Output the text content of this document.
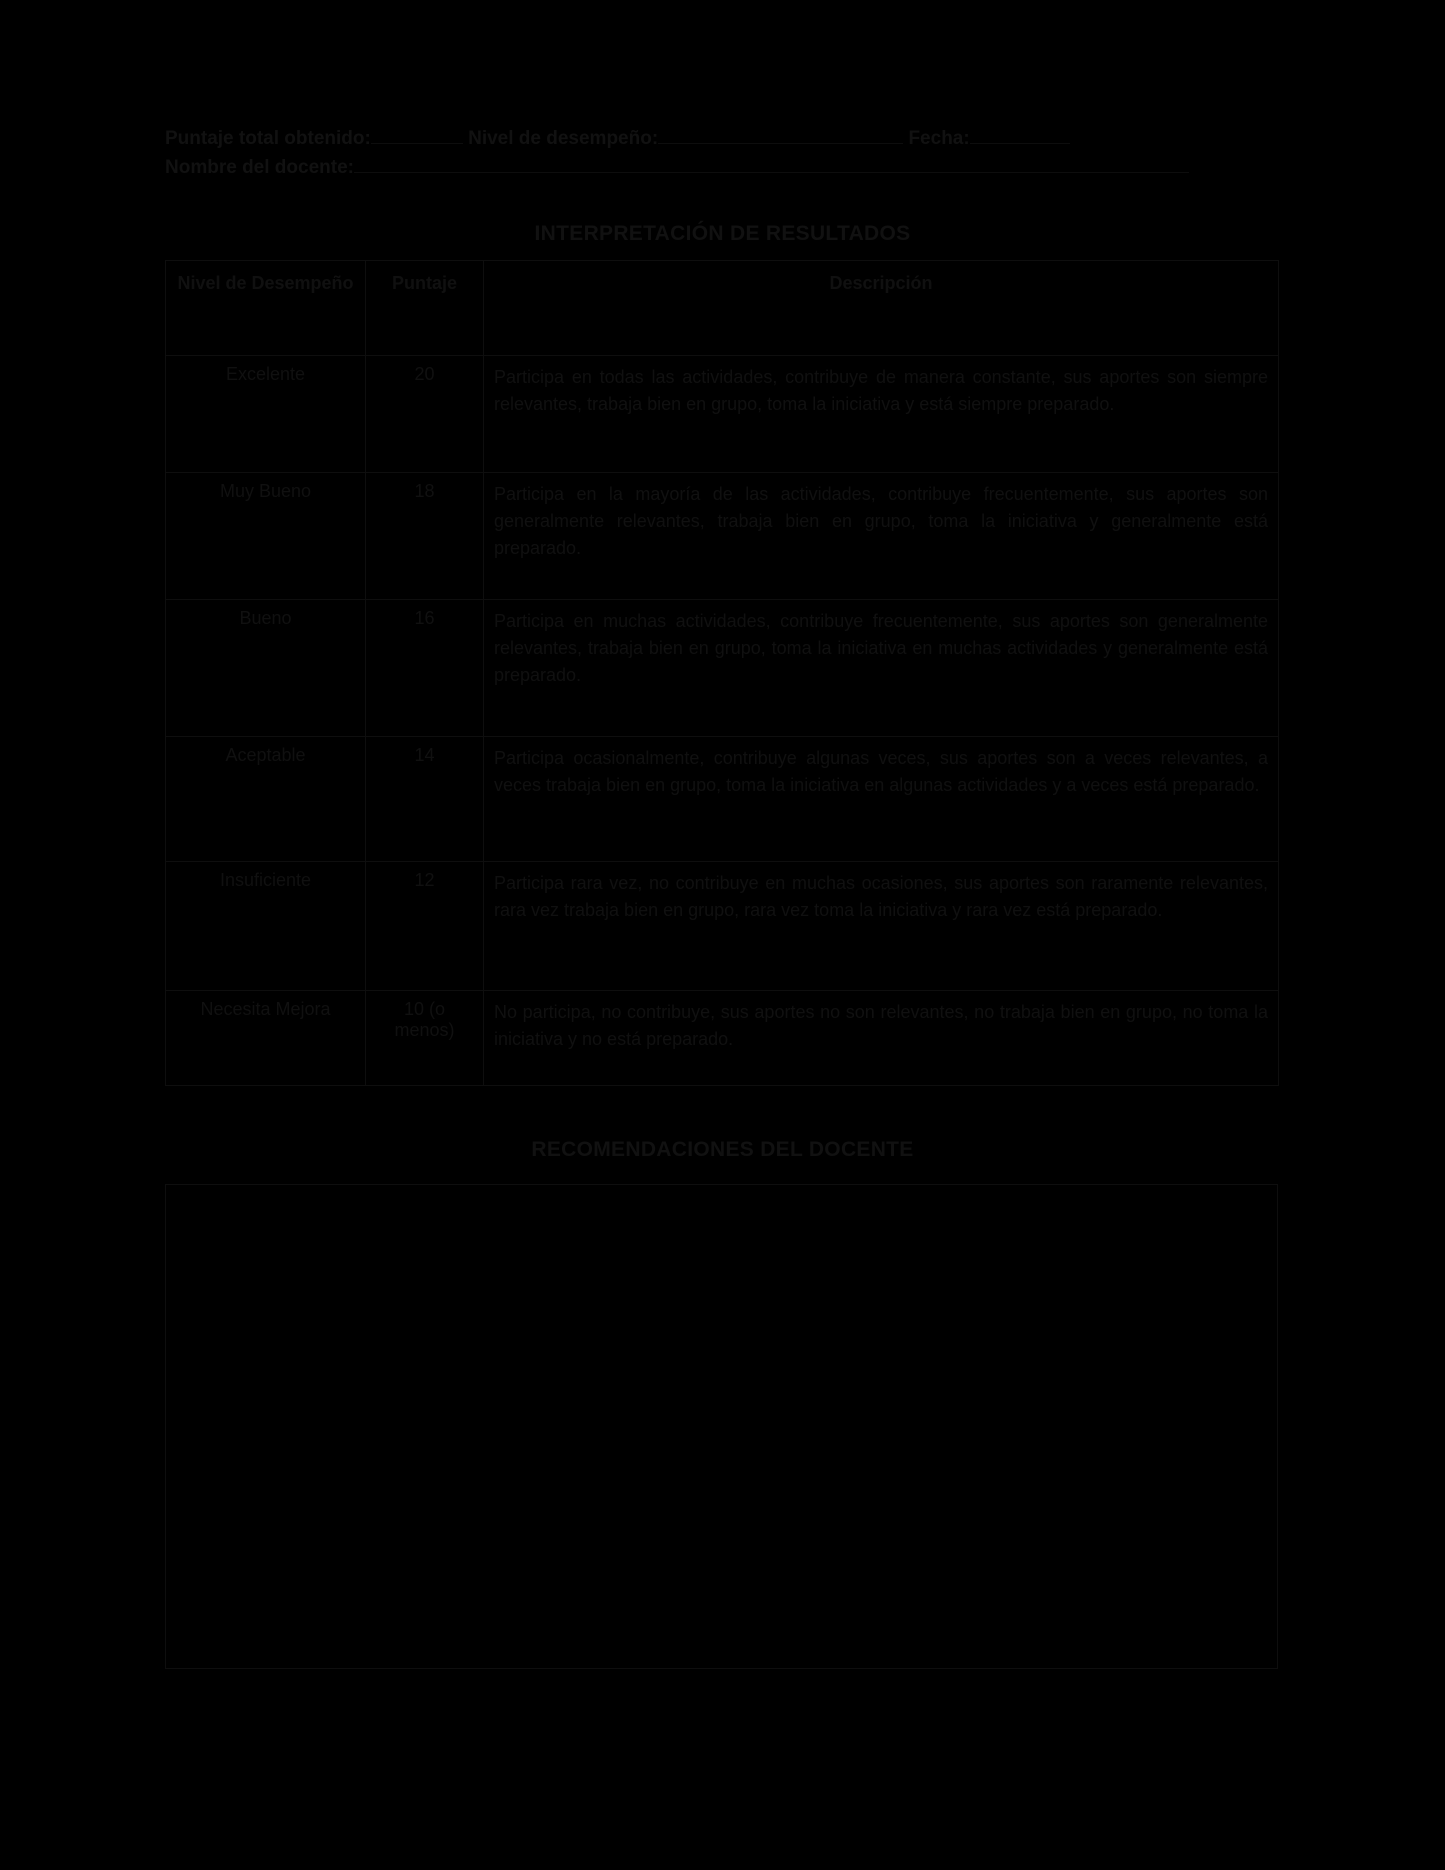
Puntaje total obtenido:	Nivel de desempeño:	Fecha:
Nombre del docente:
INTERPRETACIÓN DE RESULTADOS
Nivel de Desempeño	Puntaje	Descripción
Excelente	20	Participa en todas las actividades, contribuye de manera constante, sus aportes son siempre relevantes, trabaja bien en grupo, toma la iniciativa y está siempre preparado.
Muy Bueno	18	Participa en la mayoría de las actividades, contribuye frecuentemente, sus aportes son generalmente relevantes, trabaja bien en grupo, toma la iniciativa y generalmente está preparado.
Bueno	16	Participa en muchas actividades, contribuye frecuentemente, sus aportes son generalmente relevantes, trabaja bien en grupo, toma la iniciativa en muchas actividades y generalmente está preparado.
Aceptable	14	Participa ocasionalmente, contribuye algunas veces, sus aportes son a veces relevantes, a veces trabaja bien en grupo, toma la iniciativa en algunas actividades y a veces está preparado.
Insuficiente	12	Participa rara vez, no contribuye en muchas ocasiones, sus aportes son raramente relevantes, rara vez trabaja bien en grupo, rara vez toma la iniciativa y rara vez está preparado.
Necesita Mejora	10 (o menos)	No participa, no contribuye, sus aportes no son relevantes, no trabaja bien en grupo, no toma la iniciativa y no está preparado.
RECOMENDACIONES DEL DOCENTE
